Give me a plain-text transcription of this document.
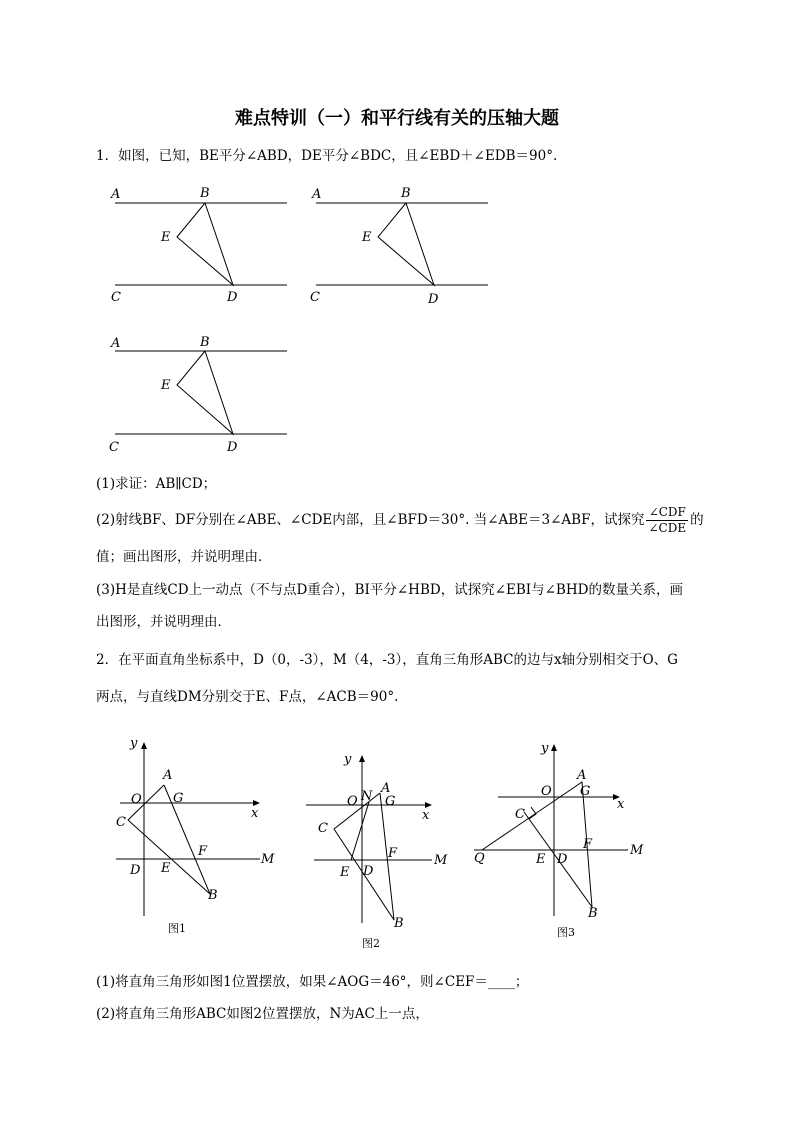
难点特训（一）和平行线有关的压轴大题
1．如图，已知，BE平分∠ABD，DE平分∠BDC，且∠EBD＋∠EDB＝90°.
A	B
E
C	D
A	B
E
C	D
A	B
E
C	D
(1)求证：AB∥CD；
(2)射线BF、DF分别在∠ABE、∠CDE内部，且∠BFD＝30°. 当∠ABE＝3∠ABF，试探究 $\frac{\text{∠CDF}}{\text{∠CDE}}$ 的
值；画出图形，并说明理由．
(3)H是直线CD上一动点（不与点D重合），BI平分∠HBD，试探究∠EBI与∠BHD的数量关系，画
出图形，并说明理由．
2．在平面直角坐标系中，D（0，-3），M（4，-3），直角三角形ABC的边与x轴分别相交于O、G
两点，与直线DM分别交于E、F点，∠ACB＝90°.
y
x
O
A
G
C
F
M
D E
B
图1
y
x
O N
A
G
C
F	M
E D
B
图2
y
x
O
A
G
C
F	M
Q	E D
B
图3
(1)将直角三角形如图1位置摆放，如果∠AOG＝46°，则∠CEF＝____；
(2)将直角三角形ABC如图2位置摆放，N为AC上一点，
